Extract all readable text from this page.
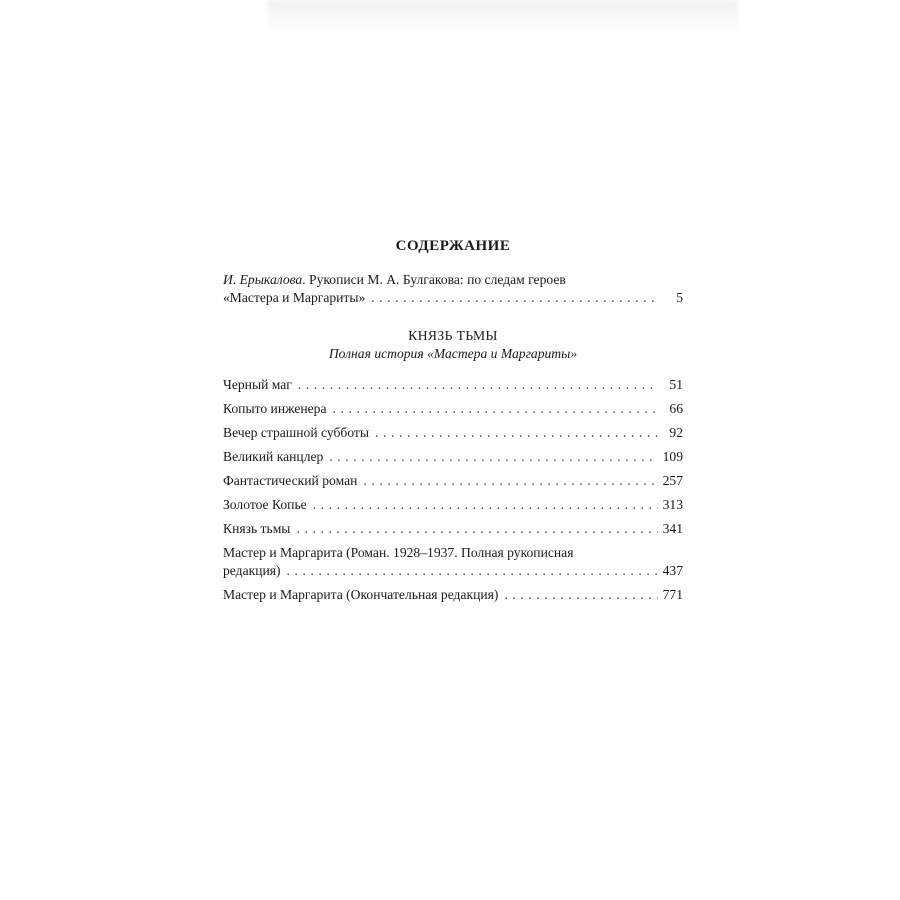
СОДЕРЖАНИЕ
И. Ерыкалова. Рукописи М. А. Булгакова: по следам героев
«Мастера и Маргариты» . . .	5
КНЯЗЬ ТЬМЫ
Полная история «Мастера и Маргариты»
Черный маг . . .	51
Копыто инженера . . .	66
Вечер страшной субботы . . .	92
Великий канцлер . . .	109
Фантастический роман . . .	257
Золотое Копье . . .	313
Князь тьмы . . .	341
Мастер и Маргарита (Роман. 1928–1937. Полная рукописная
редакция) . . .	437
Мастер и Маргарита (Окончательная редакция) . . .	771
